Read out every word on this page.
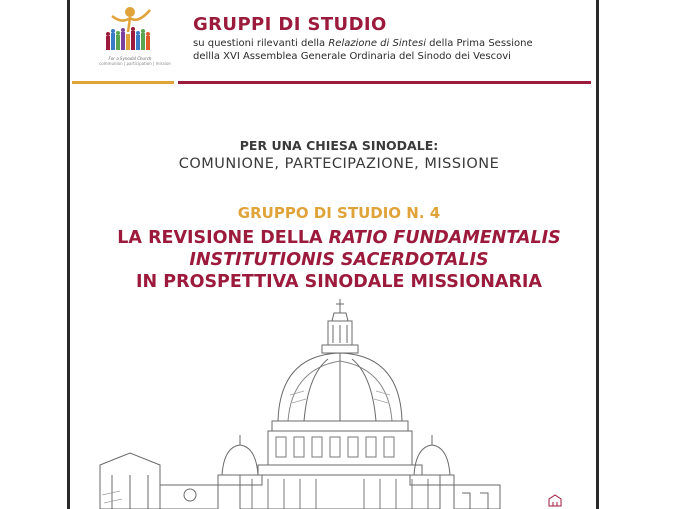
For a Synodal Church
communion | participation | mission
GRUPPI DI STUDIO
su questioni rilevanti della Relazione di Sintesi della Prima Sessione
dellla XVI Assemblea Generale Ordinaria del Sinodo dei Vescovi
PER UNA CHIESA SINODALE:
COMUNIONE, PARTECIPAZIONE, MISSIONE
GRUPPO DI STUDIO N. 4
LA REVISIONE DELLA RATIO FUNDAMENTALIS
INSTITUTIONIS SACERDOTALIS
IN PROSPETTIVA SINODALE MISSIONARIA
